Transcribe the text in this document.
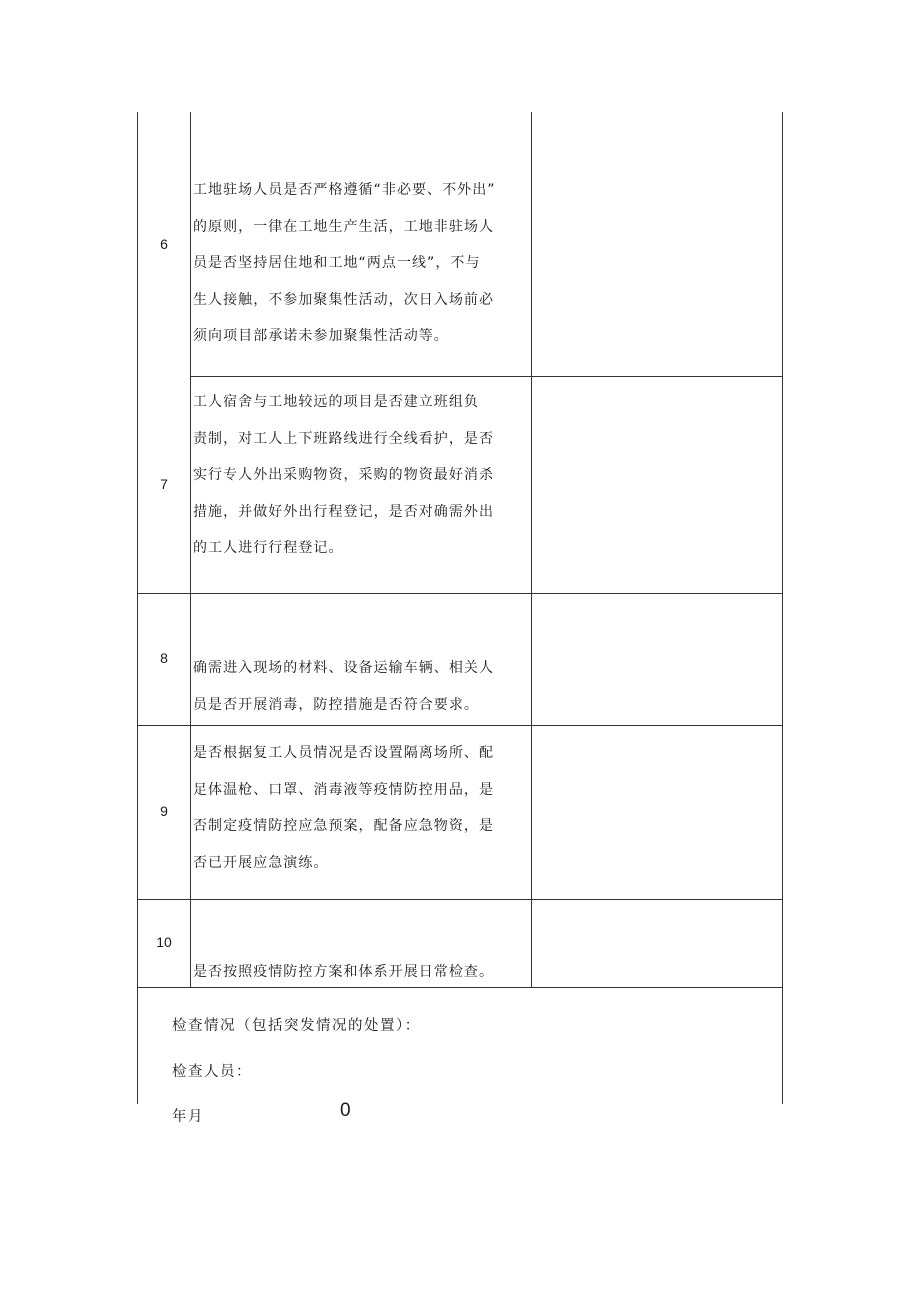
6
工地驻场人员是否严格遵循“非必要、不外出”
的原则，一律在工地生产生活，工地非驻场人
员是否坚持居住地和工地“两点一线”，不与
生人接触，不参加聚集性活动，次日入场前必
须向项目部承诺未参加聚集性活动等。
7
工人宿舍与工地较远的项目是否建立班组负
责制，对工人上下班路线进行全线看护，是否
实行专人外出采购物资，采购的物资最好消杀
措施，并做好外出行程登记，是否对确需外出
的工人进行行程登记。
8
确需进入现场的材料、设备运输车辆、相关人
员是否开展消毒，防控措施是否符合要求。
9
是否根据复工人员情况是否设置隔离场所、配
足体温枪、口罩、消毒液等疫情防控用品，是
否制定疫情防控应急预案，配备应急物资，是
否已开展应急演练。
10
是否按照疫情防控方案和体系开展日常检查。
检查情况（包括突发情况的处置）：
检查人员：
年月	0
